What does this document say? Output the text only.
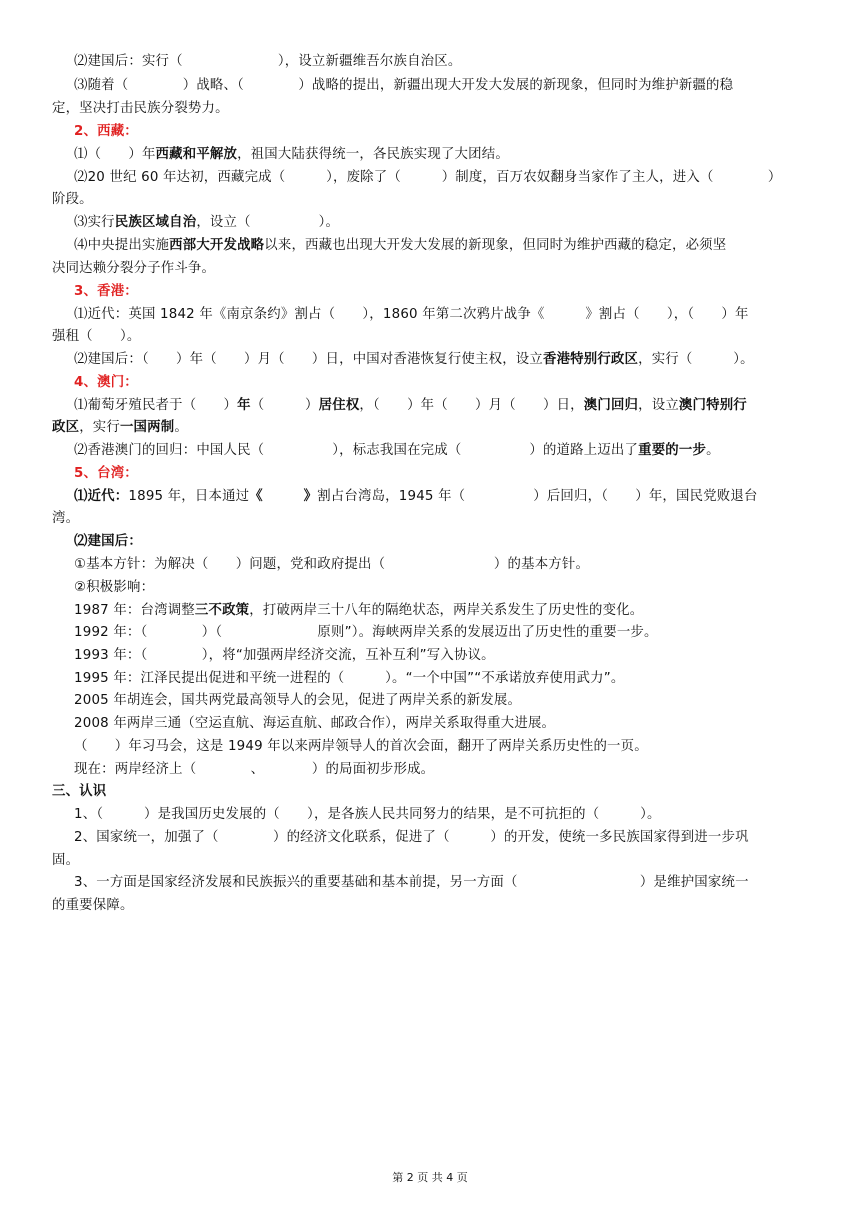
⑵建国后：实行（　　　　　　　），设立新疆维吾尔族自治区。
⑶随着（　　　　）战略、（　　　　）战略的提出，新疆出现大开发大发展的新现象，但同时为维护新疆的稳
定，坚决打击民族分裂势力。
2、西藏：
⑴（　　）年西藏和平解放，祖国大陆获得统一，各民族实现了大团结。
⑵20 世纪 60 年达初，西藏完成（　　　），废除了（　　　）制度，百万农奴翻身当家作了主人，进入（　　　　）
阶段。
⑶实行民族区域自治，设立（　　　　　）。
⑷中央提出实施西部大开发战略以来，西藏也出现大开发大发展的新现象，但同时为维护西藏的稳定，必须坚
决同达赖分裂分子作斗争。
3、香港：
⑴近代：英国 1842 年《南京条约》割占（　　），1860 年第二次鸦片战争《　　　》割占（　　），（　　）年
强租（　　）。
⑵建国后：（　　）年（　　）月（　　）日，中国对香港恢复行使主权，设立香港特别行政区，实行（　　　）。
4、澳门：
⑴葡萄牙殖民者于（　　）年（　　　）居住权，（　　）年（　　）月（　　）日，澳门回归，设立澳门特别行
政区，实行一国两制。
⑵香港澳门的回归：中国人民（　　　　　），标志我国在完成（　　　　　）的道路上迈出了重要的一步。
5、台湾：
⑴近代：1895 年，日本通过《　　　》割占台湾岛，1945 年（　　　　　）后回归，（　　）年，国民党败退台
湾。
⑵建国后：
①基本方针：为解决（　　）问题，党和政府提出（　　　　　　　　）的基本方针。
②积极影响：
1987 年：台湾调整三不政策，打破两岸三十八年的隔绝状态，两岸关系发生了历史性的变化。
1992 年：（　　　　）（　　　　　　　原则”）。海峡两岸关系的发展迈出了历史性的重要一步。
1993 年：（　　　　），将“加强两岸经济交流，互补互利”写入协议。
1995 年：江泽民提出促进和平统一进程的（　　　）。“一个中国”“不承诺放弃使用武力”。
2005 年胡连会，国共两党最高领导人的会见，促进了两岸关系的新发展。
2008 年两岸三通（空运直航、海运直航、邮政合作），两岸关系取得重大进展。
（　　）年习马会，这是 1949 年以来两岸领导人的首次会面，翻开了两岸关系历史性的一页。
现在：两岸经济上（　　　　、　　　　）的局面初步形成。
三、认识
1、（　　　）是我国历史发展的（　　），是各族人民共同努力的结果，是不可抗拒的（　　　）。
2、国家统一，加强了（　　　　）的经济文化联系，促进了（　　　）的开发，使统一多民族国家得到进一步巩
固。
3、一方面是国家经济发展和民族振兴的重要基础和基本前提，另一方面（　　　　　　　　　）是维护国家统一
的重要保障。
第 2 页 共 4 页
